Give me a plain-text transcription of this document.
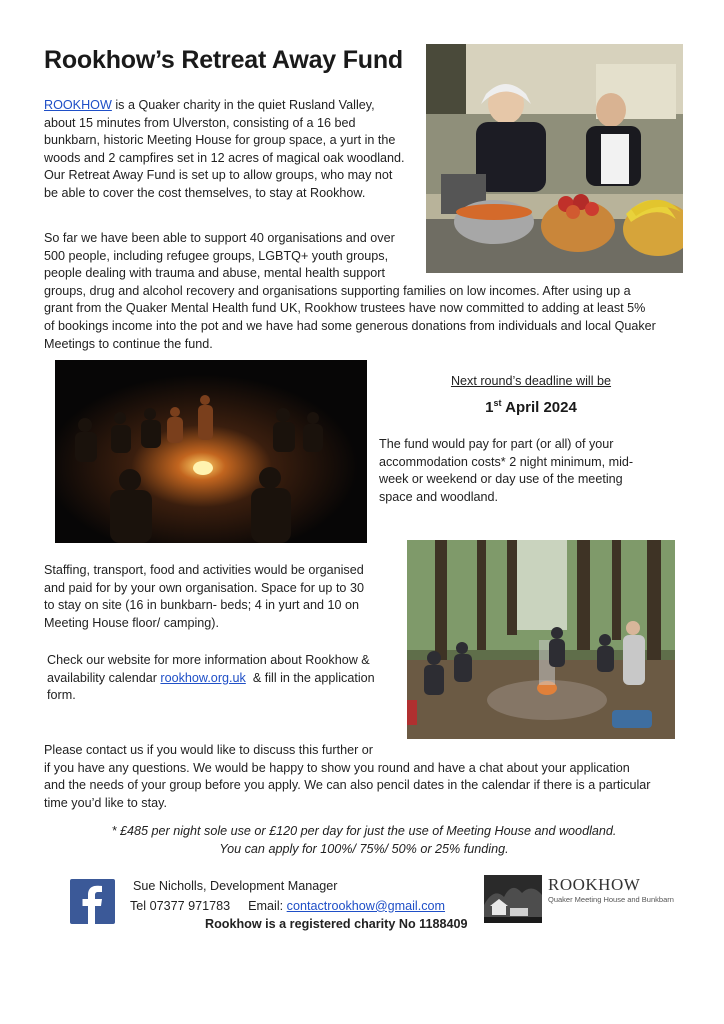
Rookhow’s Retreat Away Fund
ROOKHOW is a Quaker charity in the quiet Rusland Valley,
about 15 minutes from Ulverston, consisting of a 16 bed
bunkbarn, historic Meeting House for group space, a yurt in the
woods and 2 campfires set in 12 acres of magical oak woodland.
Our Retreat Away Fund is set up to allow groups, who may not
be able to cover the cost themselves, to stay at Rookhow.
So far we have been able to support 40 organisations and over
500 people, including refugee groups, LGBTQ+ youth groups,
people dealing with trauma and abuse, mental health support
groups, drug and alcohol recovery and organisations supporting families on low incomes. After using up a
grant from the Quaker Mental Health fund UK, Rookhow trustees have now committed to adding at least 5%
of bookings income into the pot and we have had some generous donations from individuals and local Quaker
Meetings to continue the fund.
Next round’s deadline will be
1st April 2024
The fund would pay for part (or all) of your
accommodation costs* 2 night minimum, mid-
week or weekend or day use of the meeting
space and woodland.
Staffing, transport, food and activities would be organised
and paid for by your own organisation. Space for up to 30
to stay on site (16 in bunkbarn- beds; 4 in yurt and 10 on
Meeting House floor/ camping).
Check our website for more information about Rookhow &
availability calendar rookhow.org.uk  & fill in the application
form.
Please contact us if you would like to discuss this further or
if you have any questions. We would be happy to show you round and have a chat about your application
and the needs of your group before you apply. We can also pencil dates in the calendar if there is a particular
time you’d like to stay.
* £485 per night sole use or £120 per day for just the use of Meeting House and woodland.
You can apply for 100%/ 75%/ 50% or 25% funding.
Sue Nicholls, Development Manager
Tel 07377 971783 Email: contactrookhow@gmail.com
Rookhow is a registered charity No 1188409
ROOKHOW
Quaker Meeting House and Bunkbarn
